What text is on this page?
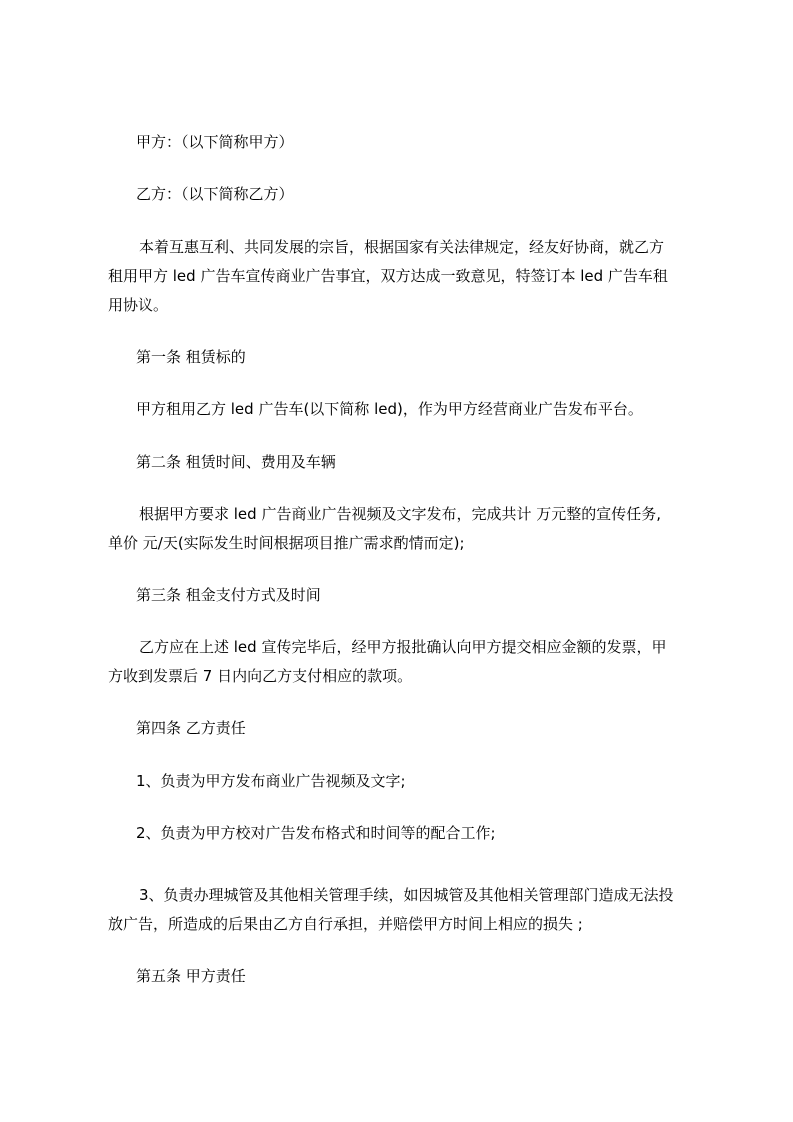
甲方：（以下简称甲方）
乙方：（以下简称乙方）
本着互惠互利、共同发展的宗旨，根据国家有关法律规定，经友好协商，就乙方
租用甲方 led 广告车宣传商业广告事宜，双方达成一致意见，特签订本 led 广告车租
用协议。
第一条 租赁标的
甲方租用乙方 led 广告车(以下简称 led)，作为甲方经营商业广告发布平台。
第二条 租赁时间、费用及车辆
根据甲方要求 led 广告商业广告视频及文字发布，完成共计 万元整的宣传任务,
单价 元/天(实际发生时间根据项目推广需求酌情而定);
第三条 租金支付方式及时间
乙方应在上述 led 宣传完毕后，经甲方报批确认向甲方提交相应金额的发票，甲
方收到发票后 7 日内向乙方支付相应的款项。
第四条 乙方责任
1、负责为甲方发布商业广告视频及文字;
2、负责为甲方校对广告发布格式和时间等的配合工作;
3、负责办理城管及其他相关管理手续，如因城管及其他相关管理部门造成无法投
放广告，所造成的后果由乙方自行承担，并赔偿甲方时间上相应的损失 ;
第五条 甲方责任
